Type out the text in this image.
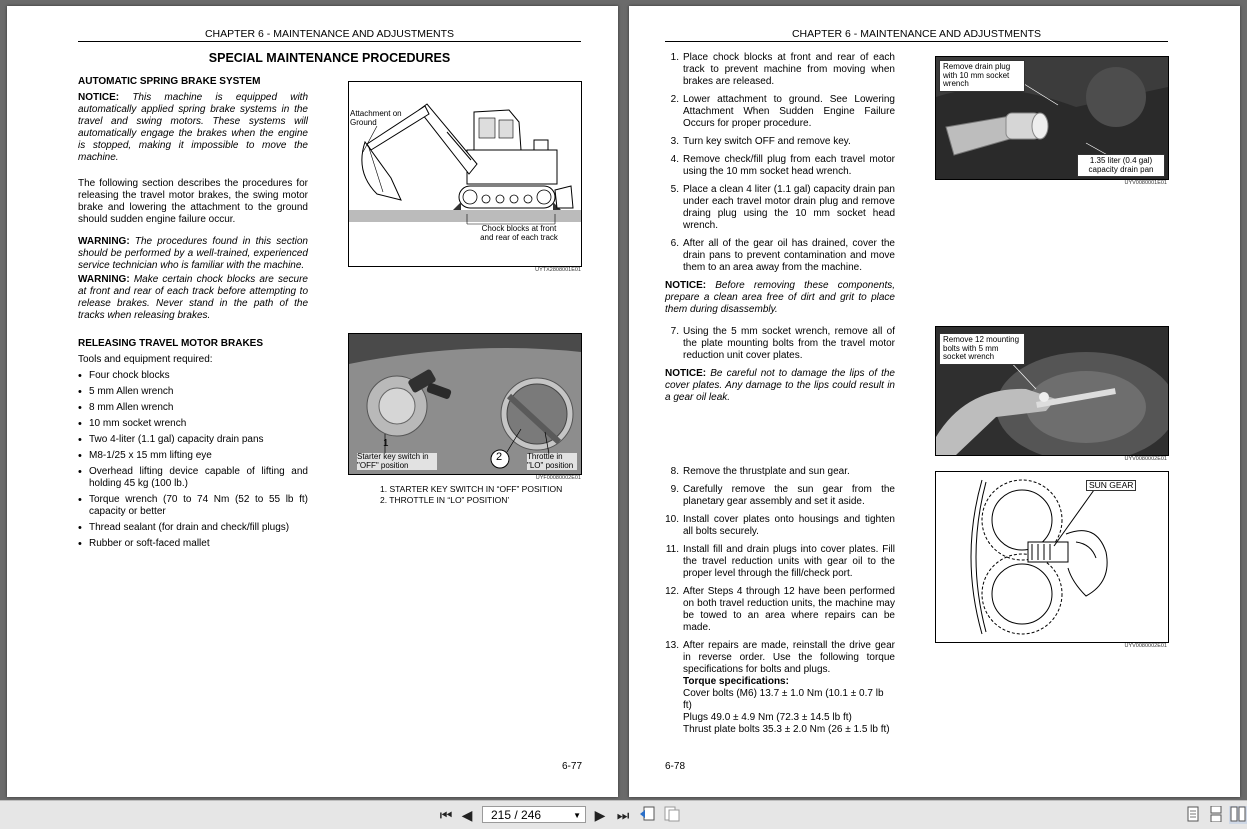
CHAPTER 6 - MAINTENANCE AND ADJUSTMENTS
SPECIAL MAINTENANCE PROCEDURES
AUTOMATIC SPRING BRAKE SYSTEM

NOTICE: This machine is equipped with automatically applied spring brake systems in the travel and swing motors. These systems will automatically engage the brakes when the engine is stopped, making it impossible to move the machine.

The following section describes the procedures for releasing the travel motor brakes, the swing motor brake and lowering the attachment to the ground should sudden engine failure occur.

WARNING: The procedures found in this section should be performed by a well-trained, experienced service technician who is familiar with the machine.

WARNING: Make certain chock blocks are secure at front and rear of each track before attempting to release brakes. Never stand in the path of the tracks when releasing brakes.

RELEASING TRAVEL MOTOR BRAKES
Tools and equipment required:
• Four chock blocks
• 5 mm Allen wrench
• 8 mm Allen wrench
• 10 mm socket wrench
• Two 4-liter (1.1 gal) capacity drain pans
• M8-1/25 x 15 mm lifting eye
• Overhead lifting device capable of lifting and holding 45 kg (100 lb.)
• Torque wrench (70 to 74 Nm (52 to 55 lb ft) capacity or better
• Thread sealant (for drain and check/fill plugs)
• Rubber or soft-faced mallet
Attachment on Ground
Chock blocks at front and rear of each track
UYTX2808001E01
1
2
Starter key switch in "OFF" position
Throttle in "LO" position
UYF00080002E01
1. STARTER KEY SWITCH IN “OFF” POSITION
2. THROTTLE IN “LO” POSITION’
6-77
CHAPTER 6 - MAINTENANCE AND ADJUSTMENTS
1. Place chock blocks at front and rear of each track to prevent machine from moving when brakes are released.
2. Lower attachment to ground. See Lowering Attachment When Sudden Engine Failure Occurs for proper procedure.
3. Turn key switch OFF and remove key.
4. Remove check/fill plug from each travel motor using the 10 mm socket head wrench.
5. Place a clean 4 liter (1.1 gal) capacity drain pan under each travel motor drain plug and remove draing plug using the 10 mm socket head wrench.
6. After all of the gear oil has drained, cover the drain pans to prevent contamination and move them to an area away from the machine.

NOTICE: Before removing these components, prepare a clean area free of dirt and grit to place them during disassembly.

7. Using the 5 mm socket wrench, remove all of the plate mounting bolts from the travel motor reduction unit cover plates.

NOTICE: Be careful not to damage the lips of the cover plates. Any damage to the lips could result in a gear oil leak.

8. Remove the thrustplate and sun gear.
9. Carefully remove the sun gear from the planetary gear assembly and set it aside.
10. Install cover plates onto housings and tighten all bolts securely.
11. Install fill and drain plugs into cover plates. Fill the travel reduction units with gear oil to the proper level through the fill/check port.
12. After Steps 4 through 12 have been performed on both travel reduction units, the machine may be towed to an area where repairs can be made.
13. After repairs are made, reinstall the drive gear in reverse order. Use the following torque specifications for bolts and plugs.
Torque specifications:
Cover bolts (M6) 13.7 ± 1.0 Nm (10.1 ± 0.7 lb ft)
Plugs 49.0 ± 4.9 Nm (72.3 ± 14.5 lb ft)
Thrust plate bolts 35.3 ± 2.0 Nm (26 ± 1.5 lb ft)
Remove drain plug with 10 mm socket wrench
1.35 liter (0.4 gal) capacity drain pan
UYV0080001E01
Remove 12 mounting bolts with 5 mm socket wrench
UYV0080002E01
SUN GEAR
UYV0080002E01
6-78
⏮ ◀	215 / 246	▼ ▶ ⏭
